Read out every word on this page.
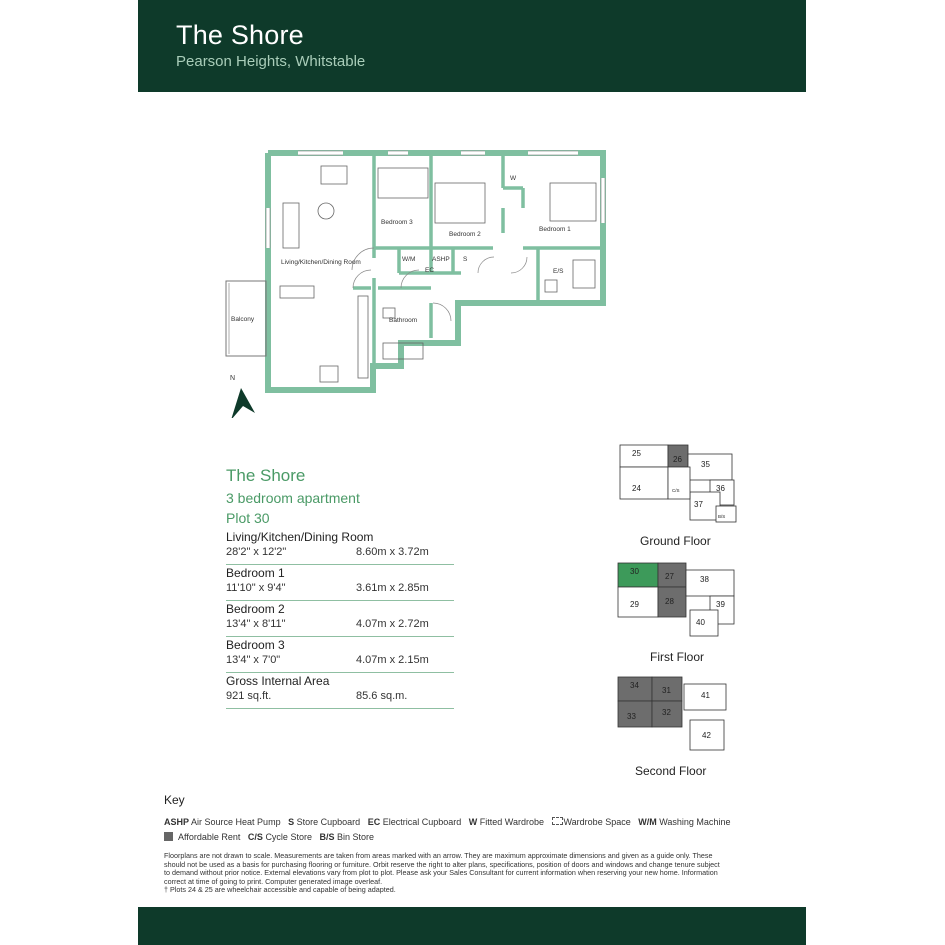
The Shore
Pearson Heights, Whitstable
Living/Kitchen/Dining Room
Bedroom 3
Bedroom 2
Bedroom 1
Bathroom
Balcony
W/M	ASHP S
EC
W
E/S
N
The Shore
3 bedroom apartment
Plot 30
Living/Kitchen/Dining Room
28'2" x 12'2"	8.60m x 3.72m
Bedroom 1
11'10" x 9'4"	3.61m x 2.85m
Bedroom 2
13'4" x 8'11"	4.07m x 2.72m
Bedroom 3
13'4" x 7'0"	4.07m x 2.15m
Gross Internal Area
921 sq.ft.	85.6 sq.m.
25
26
35
24	36
37
B/S
C/S
Ground Floor
30
27	38
29	28	39
40
First Floor
34
31
41
33	32
42
Second Floor
Key
ASHP Air Source Heat Pump S Store Cupboard EC Electrical Cupboard W Fitted Wardrobe Wardrobe Space W/M Washing Machine
Affordable Rent C/S Cycle Store B/S Bin Store
Floorplans are not drawn to scale. Measurements are taken from areas marked with an arrow. They are maximum approximate dimensions and given as a guide only. These should not be used as a basis for purchasing flooring or furniture. Orbit reserve the right to alter plans, specifications, position of doors and windows and change tenure subject to demand without prior notice. External elevations vary from plot to plot. Please ask your Sales Consultant for current information when reserving your new home. Information correct at time of going to print. Computer generated image overleaf.
† Plots 24 & 25 are wheelchair accessible and capable of being adapted.
